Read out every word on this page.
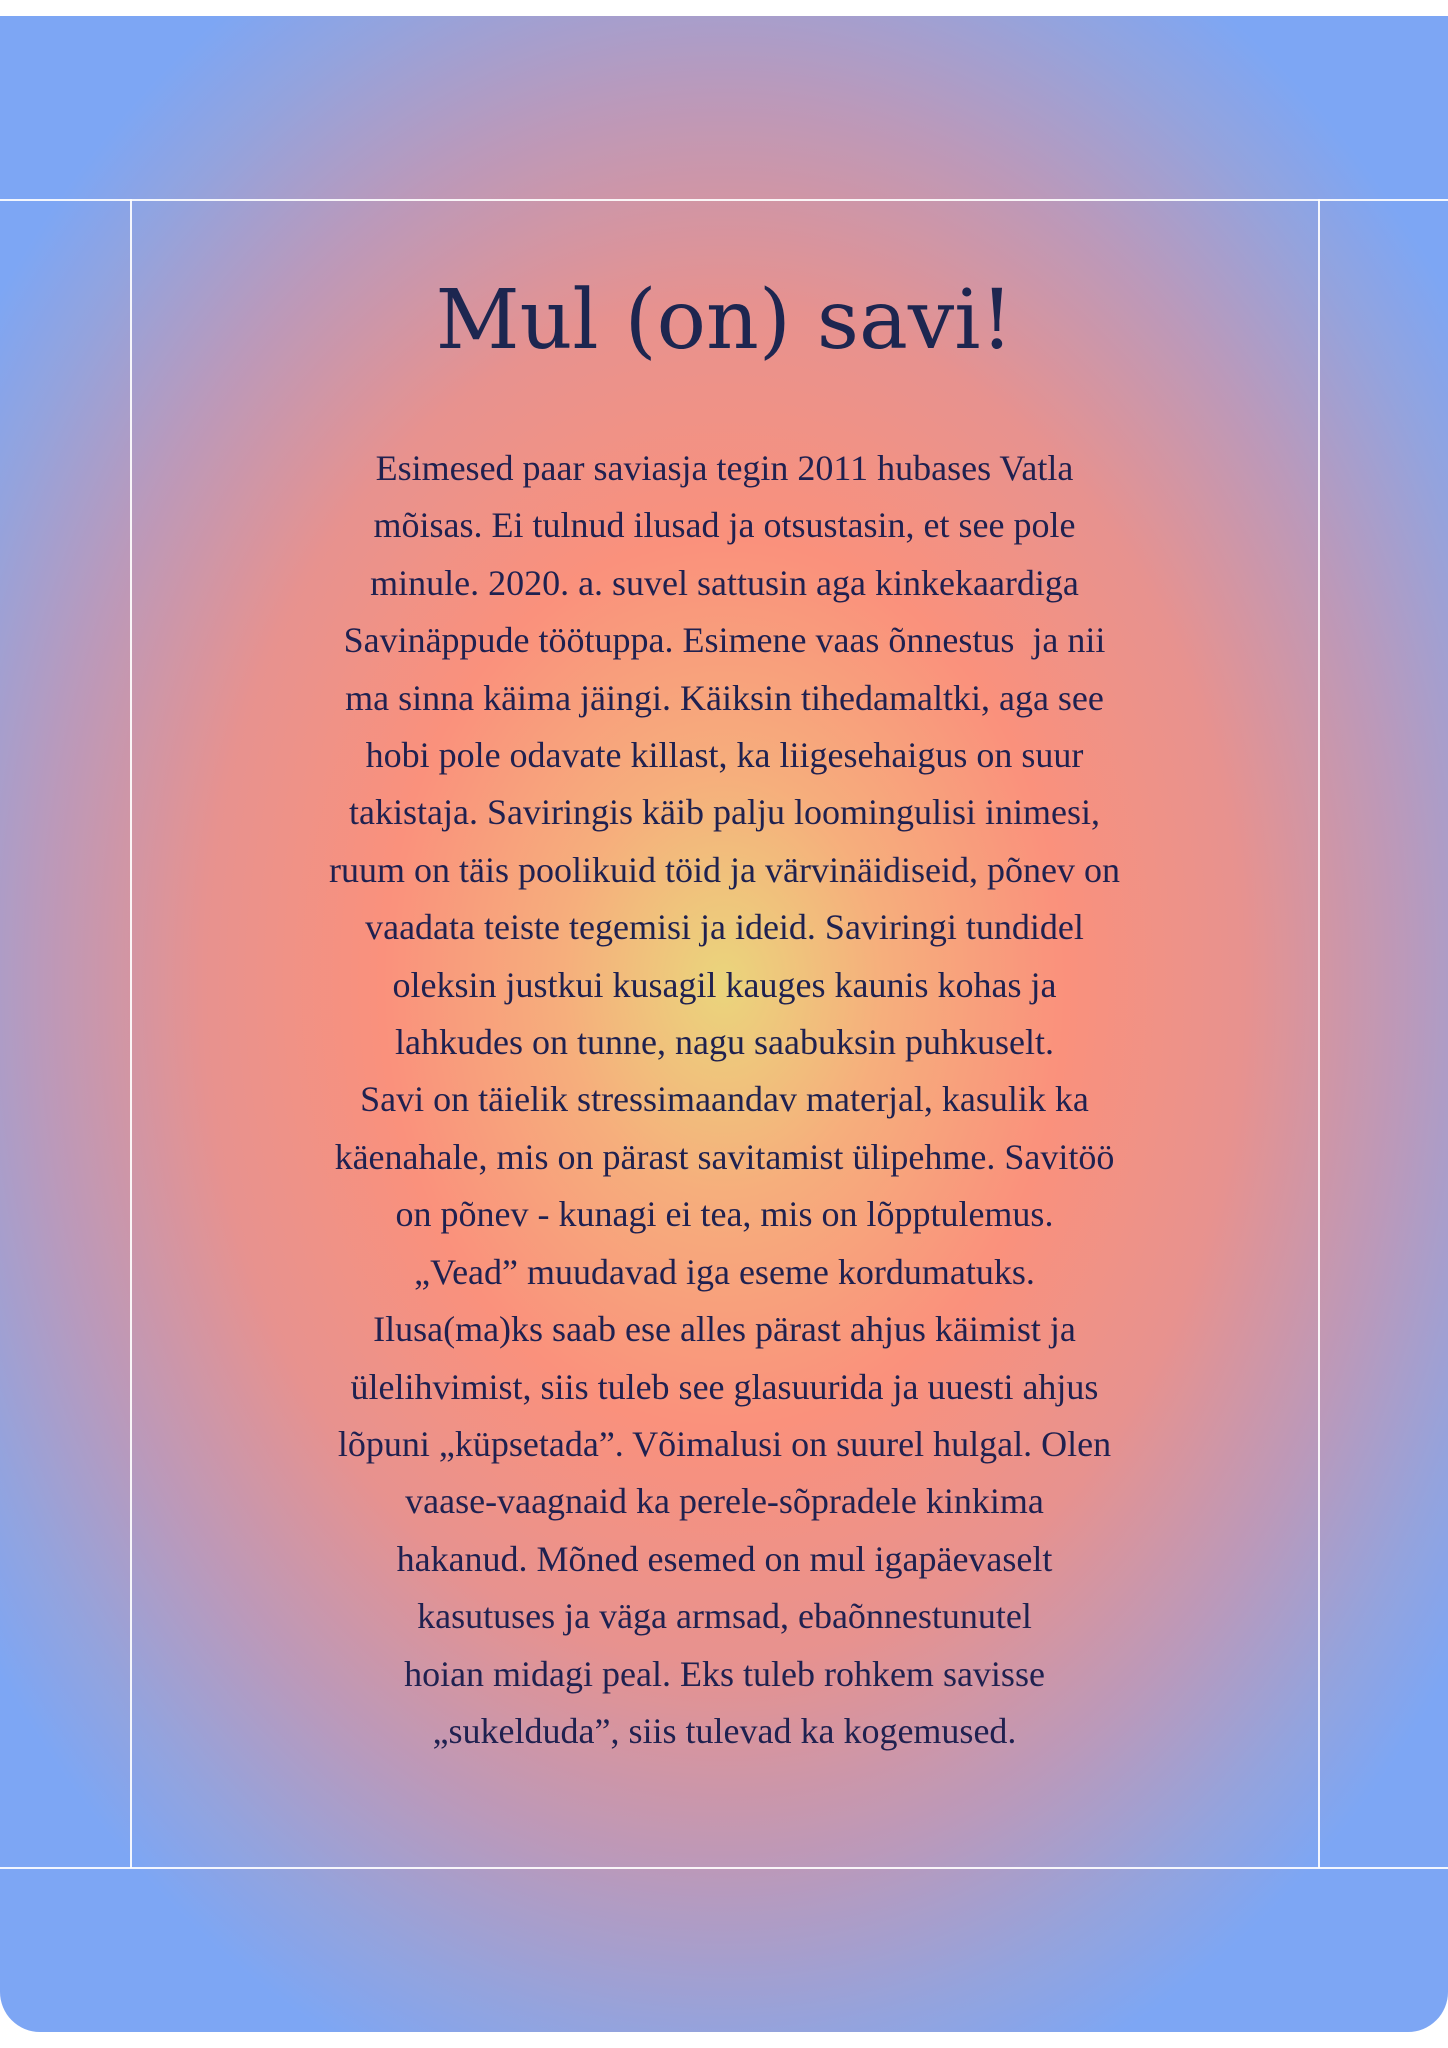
Mul (on) savi!
Esimesed paar saviasja tegin 2011 hubases Vatla
mõisas. Ei tulnud ilusad ja otsustasin, et see pole
minule. 2020. a. suvel sattusin aga kinkekaardiga
Savinäppude töötuppa. Esimene vaas õnnestus  ja nii
ma sinna käima jäingi. Käiksin tihedamaltki, aga see
hobi pole odavate killast, ka liigesehaigus on suur
takistaja. Saviringis käib palju loomingulisi inimesi,
ruum on täis poolikuid töid ja värvinäidiseid, põnev on
vaadata teiste tegemisi ja ideid. Saviringi tundidel
oleksin justkui kusagil kauges kaunis kohas ja
lahkudes on tunne, nagu saabuksin puhkuselt.
Savi on täielik stressimaandav materjal, kasulik ka
käenahale, mis on pärast savitamist ülipehme. Savitöö
on põnev - kunagi ei tea, mis on lõpptulemus.
„Vead” muudavad iga eseme kordumatuks.
Ilusa(ma)ks saab ese alles pärast ahjus käimist ja
ülelihvimist, siis tuleb see glasuurida ja uuesti ahjus
lõpuni „küpsetada”. Võimalusi on suurel hulgal. Olen
vaase-vaagnaid ka perele-sõpradele kinkima
hakanud. Mõned esemed on mul igapäevaselt
kasutuses ja väga armsad, ebaõnnestunutel
hoian midagi peal. Eks tuleb rohkem savisse
„sukelduda”, siis tulevad ka kogemused.
